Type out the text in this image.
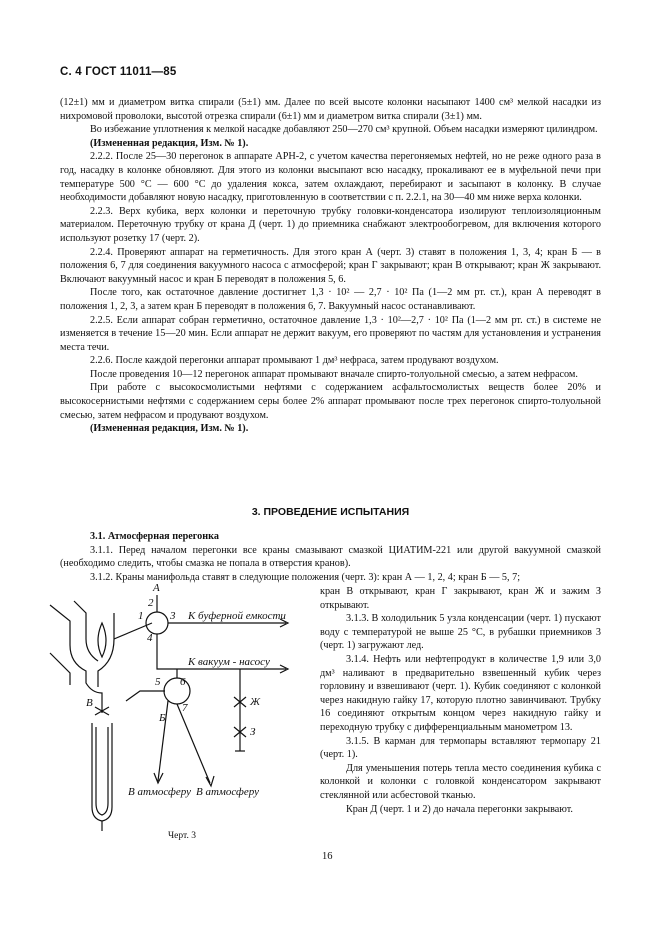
С. 4 ГОСТ 11011—85

(12±1) мм и диаметром витка спирали (5±1) мм. Далее по всей высоте колонки насыпают 1400 см³ мелкой насадки из нихромовой проволоки, высотой отрезка спирали (6±1) мм и диаметром витка спирали (3±1) мм.

Во избежание уплотнения к мелкой насадке добавляют 250—270 см³ крупной. Объем насадки измеряют цилиндром.

(Измененная редакция, Изм. № 1).

2.2.2. После 25—30 перегонок в аппарате АРН-2, с учетом качества перегоняемых нефтей, но не реже одного раза в год, насадку в колонке обновляют. Для этого из колонки высыпают всю насадку, прокаливают ее в муфельной печи при температуре 500 °С — 600 °С до удаления кокса, затем охлаждают, перебирают и засыпают в колонку. В случае необходимости добавляют новую насадку, приготовленную в соответствии с п. 2.2.1, на 30—40 мм ниже верха колонки.

2.2.3. Верх кубика, верх колонки и переточную трубку головки-конденсатора изолируют теплоизоляционным материалом. Переточную трубку от крана Д (черт. 1) до приемника снабжают электрообогревом, для включения которого используют розетку 17 (черт. 2).

2.2.4. Проверяют аппарат на герметичность. Для этого кран А (черт. 3) ставят в положения 1, 3, 4; кран Б — в положения 6, 7 для соединения вакуумного насоса с атмосферой; кран Г закрывают; кран В открывают; кран Ж закрывают. Включают вакуумный насос и кран Б переводят в положения 5, 6.

После того, как остаточное давление достигнет 1,3 · 10² — 2,7 · 10² Па (1—2 мм рт. ст.), кран А переводят в положения 1, 2, 3, а затем кран Б переводят в положения 6, 7. Вакуумный насос останавливают.

2.2.5. Если аппарат собран герметично, остаточное давление 1,3 · 10²—2,7 · 10² Па (1—2 мм рт. ст.) в системе не изменяется в течение 15—20 мин. Если аппарат не держит вакуум, его проверяют по частям для установления и устранения места течи.

2.2.6. После каждой перегонки аппарат промывают 1 дм³ нефраса, затем продувают воздухом.

После проведения 10—12 перегонок аппарат промывают вначале спирто-толуольной смесью, а затем нефрасом.

При работе с высокосмолистыми нефтями с содержанием асфальтосмолистых веществ более 20% и высокосернистыми нефтями с содержанием серы более 2% аппарат промывают после трех перегонок спирто-толуольной смесью, затем нефрасом и продувают воздухом.

(Измененная редакция, Изм. № 1).

3. ПРОВЕДЕНИЕ ИСПЫТАНИЯ

3.1. Атмосферная перегонка

3.1.1. Перед началом перегонки все краны смазывают смазкой ЦИАТИМ-221 или другой вакуумной смазкой (необходимо следить, чтобы смазка не попала в отверстия кранов).

3.1.2. Краны манифольда ставят в следующие положения (черт. 3): кран А — 1, 2, 4; кран Б — 5, 7;

кран В открывают, кран Г закрывают, кран Ж и зажим З открывают.

3.1.3. В холодильник 5 узла конденсации (черт. 1) пускают воду с температурой не выше 25 °С, в рубашки приемников 3 (черт. 1) загружают лед.

3.1.4. Нефть или нефтепродукт в количестве 1,9 или 3,0 дм³ наливают в предварительно взвешенный кубик через горловину и взвешивают (черт. 1). Кубик соединяют с колонкой через накидную гайку 17, которую плотно завинчивают. Трубку 16 соединяют открытым концом через накидную гайку и переходную трубку с дифференциальным манометром 13.

3.1.5. В карман для термопары вставляют термопару 21 (черт. 1).

Для уменьшения потерь тепла место соединения кубика с колонкой и колонки с головкой конденсатором закрывают стеклянной или асбестовой тканью.

Кран Д (черт. 1 и 2) до начала перегонки закрывают.

А
2
1 3
4
К буферной емкости
К вакуум - насосу
5 6
7
Б
В	Ж
З
В атмосферу
В атмосферу
Черт. 3
16
